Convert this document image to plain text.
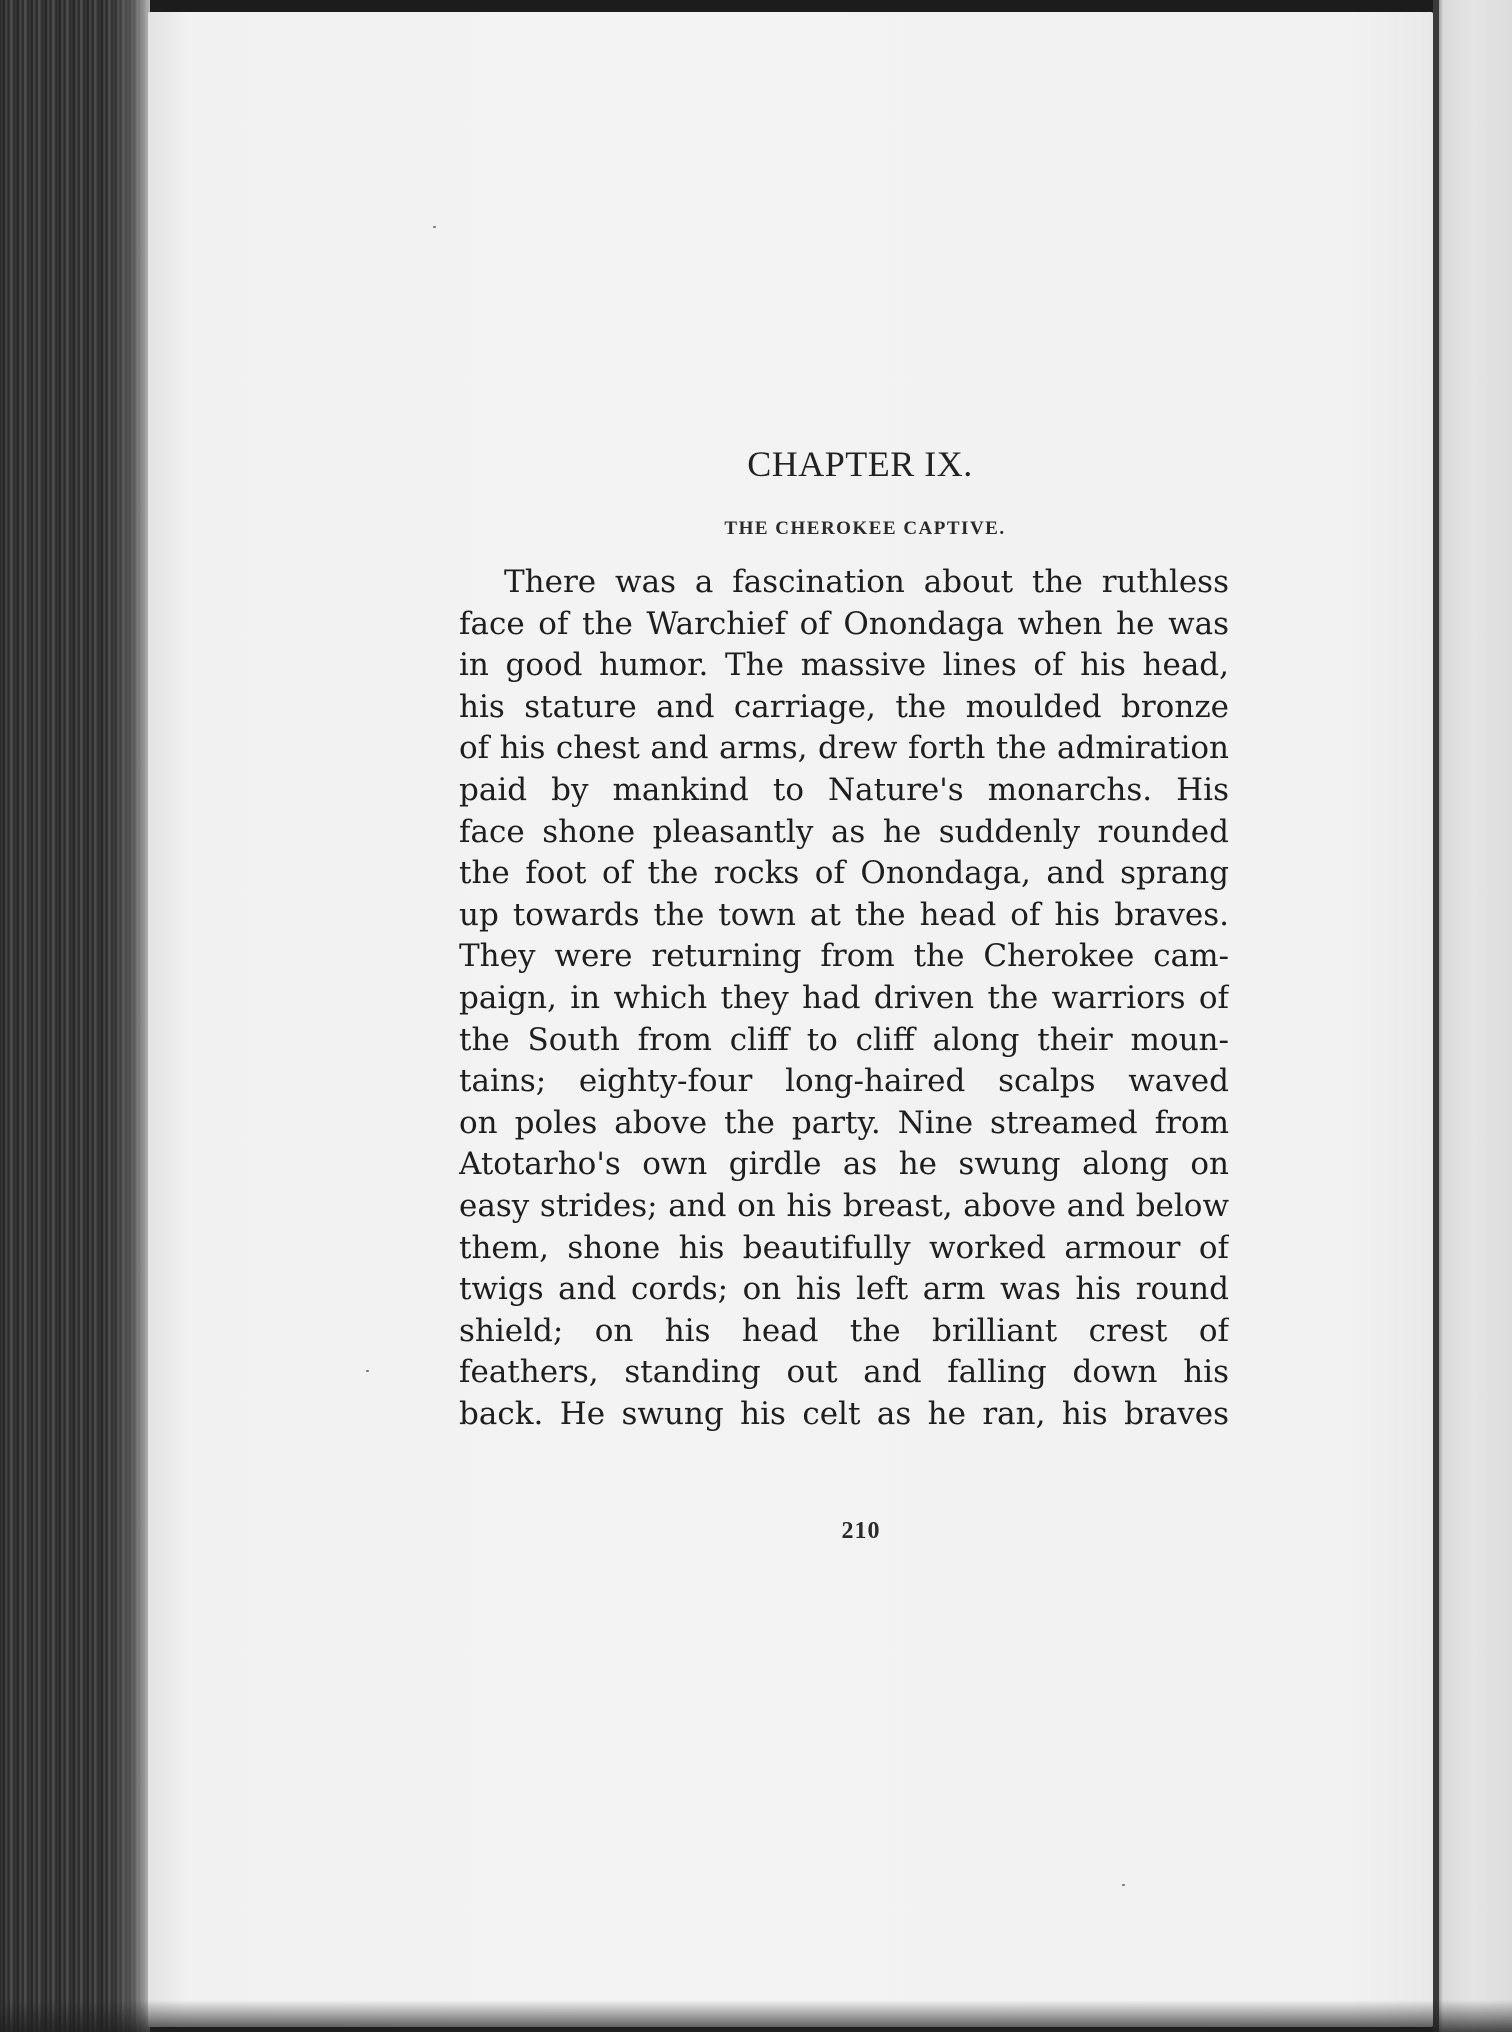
CHAPTER IX.
THE CHEROKEE CAPTIVE.
There was a fascination about the ruthless
face of the Warchief of Onondaga when he was
in good humor. The massive lines of his head,
his stature and carriage, the moulded bronze
of his chest and arms, drew forth the admiration
paid by mankind to Nature's monarchs. His
face shone pleasantly as he suddenly rounded
the foot of the rocks of Onondaga, and sprang
up towards the town at the head of his braves.
They were returning from the Cherokee cam-
paign, in which they had driven the warriors of
the South from cliff to cliff along their moun-
tains; eighty-four long-haired scalps waved
on poles above the party. Nine streamed from
Atotarho's own girdle as he swung along on
easy strides; and on his breast, above and below
them, shone his beautifully worked armour of
twigs and cords; on his left arm was his round
shield; on his head the brilliant crest of
feathers, standing out and falling down his
back. He swung his celt as he ran, his braves
210
